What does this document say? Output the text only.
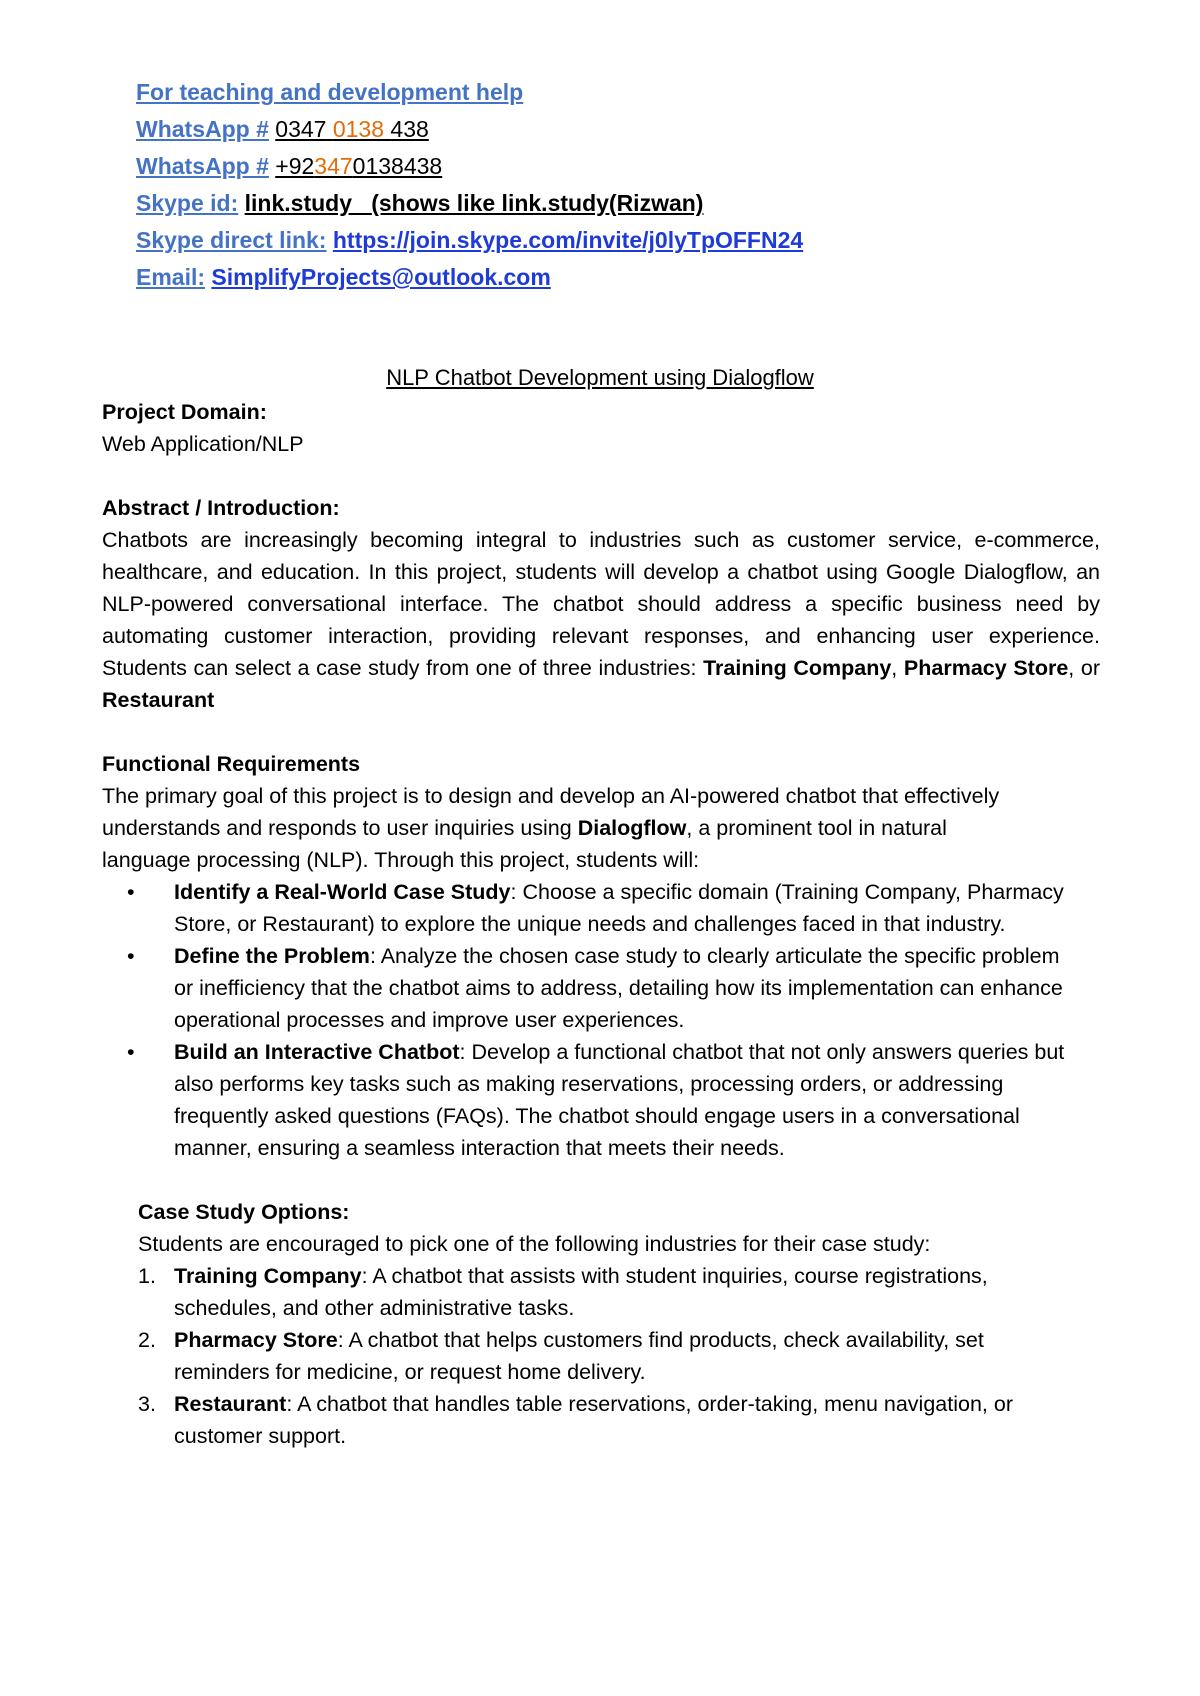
For teaching and development help
WhatsApp # 0347 0138 438
WhatsApp # +923470138438
Skype id: link.study (shows like link.study(Rizwan)
Skype direct link: https://join.skype.com/invite/j0lyTpOFFN24
Email: SimplifyProjects@outlook.com
NLP Chatbot Development using Dialogflow
Project Domain:
Web Application/NLP
Abstract / Introduction:
Chatbots are increasingly becoming integral to industries such as customer service, e-commerce, healthcare, and education. In this project, students will develop a chatbot using Google Dialogflow, an NLP-powered conversational interface. The chatbot should address a specific business need by automating customer interaction, providing relevant responses, and enhancing user experience. Students can select a case study from one of three industries: Training Company, Pharmacy Store, or Restaurant
Functional Requirements
The primary goal of this project is to design and develop an AI-powered chatbot that effectively understands and responds to user inquiries using Dialogflow, a prominent tool in natural language processing (NLP). Through this project, students will:
• Identify a Real-World Case Study: Choose a specific domain (Training Company, Pharmacy Store, or Restaurant) to explore the unique needs and challenges faced in that industry.
• Define the Problem: Analyze the chosen case study to clearly articulate the specific problem or inefficiency that the chatbot aims to address, detailing how its implementation can enhance operational processes and improve user experiences.
• Build an Interactive Chatbot: Develop a functional chatbot that not only answers queries but also performs key tasks such as making reservations, processing orders, or addressing frequently asked questions (FAQs). The chatbot should engage users in a conversational manner, ensuring a seamless interaction that meets their needs.
Case Study Options:
Students are encouraged to pick one of the following industries for their case study:
1. Training Company: A chatbot that assists with student inquiries, course registrations, schedules, and other administrative tasks.
2. Pharmacy Store: A chatbot that helps customers find products, check availability, set reminders for medicine, or request home delivery.
3. Restaurant: A chatbot that handles table reservations, order-taking, menu navigation, or customer support.
